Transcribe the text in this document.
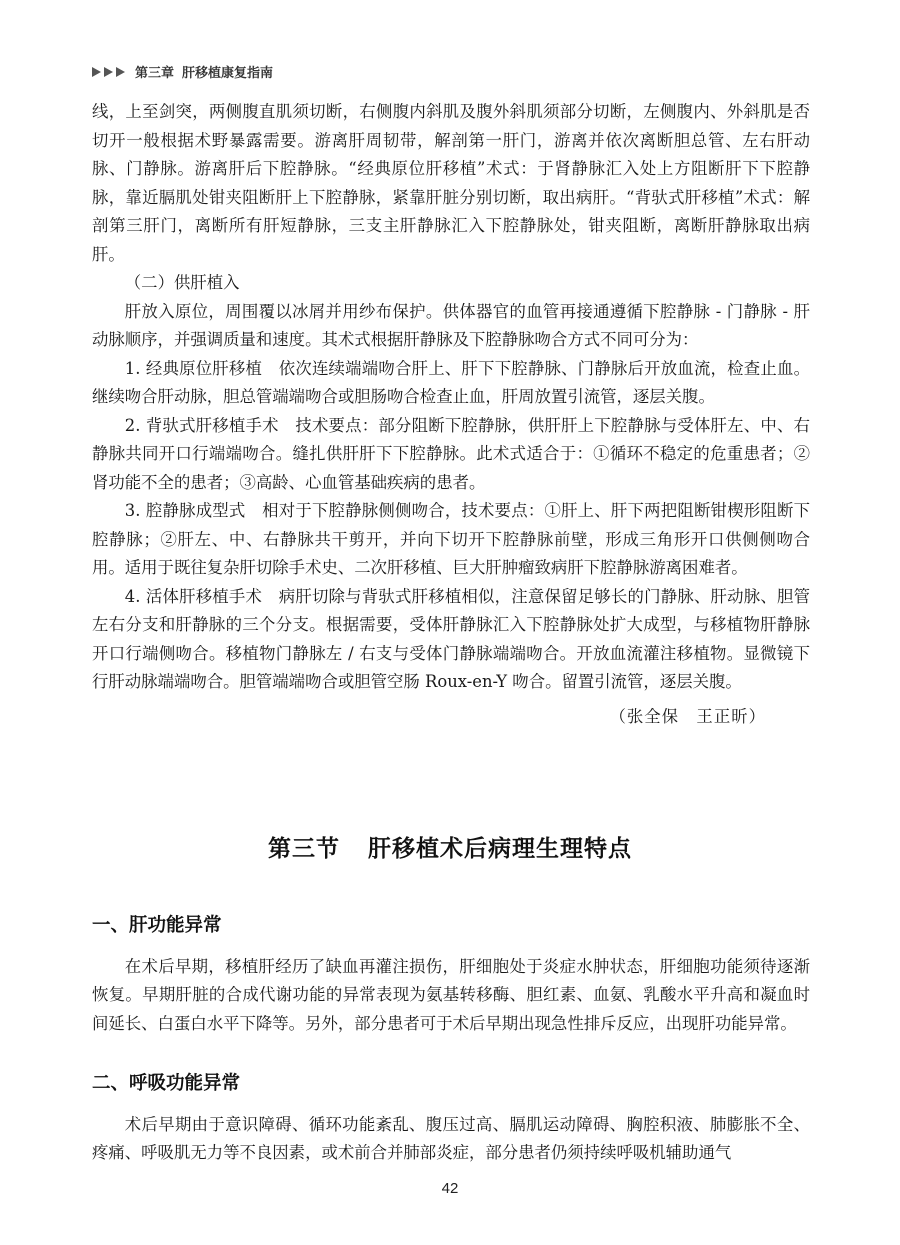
第三章 肝移植康复指南

线，上至剑突，两侧腹直肌须切断，右侧腹内斜肌及腹外斜肌须部分切断，左侧腹内、外斜肌是否切开一般根据术野暴露需要。游离肝周韧带，解剖第一肝门，游离并依次离断胆总管、左右肝动脉、门静脉。游离肝后下腔静脉。“经典原位肝移植”术式：于肾静脉汇入处上方阻断肝下下腔静脉，靠近膈肌处钳夹阻断肝上下腔静脉，紧靠肝脏分别切断，取出病肝。“背驮式肝移植”术式：解剖第三肝门，离断所有肝短静脉，三支主肝静脉汇入下腔静脉处，钳夹阻断，离断肝静脉取出病肝。

（二）供肝植入

肝放入原位，周围覆以冰屑并用纱布保护。供体器官的血管再接通遵循下腔静脉 - 门静脉 - 肝动脉顺序，并强调质量和速度。其术式根据肝静脉及下腔静脉吻合方式不同可分为：

1. 经典原位肝移植　依次连续端端吻合肝上、肝下下腔静脉、门静脉后开放血流，检查止血。继续吻合肝动脉，胆总管端端吻合或胆肠吻合检查止血，肝周放置引流管，逐层关腹。

2. 背驮式肝移植手术　技术要点：部分阻断下腔静脉，供肝肝上下腔静脉与受体肝左、中、右静脉共同开口行端端吻合。缝扎供肝肝下下腔静脉。此术式适合于：①循环不稳定的危重患者；②肾功能不全的患者；③高龄、心血管基础疾病的患者。

3. 腔静脉成型式　相对于下腔静脉侧侧吻合，技术要点：①肝上、肝下两把阻断钳楔形阻断下腔静脉；②肝左、中、右静脉共干剪开，并向下切开下腔静脉前壁，形成三角形开口供侧侧吻合用。适用于既往复杂肝切除手术史、二次肝移植、巨大肝肿瘤致病肝下腔静脉游离困难者。

4. 活体肝移植手术　病肝切除与背驮式肝移植相似，注意保留足够长的门静脉、肝动脉、胆管左右分支和肝静脉的三个分支。根据需要，受体肝静脉汇入下腔静脉处扩大成型，与移植物肝静脉开口行端侧吻合。移植物门静脉左 / 右支与受体门静脉端端吻合。开放血流灌注移植物。显微镜下行肝动脉端端吻合。胆管端端吻合或胆管空肠 Roux-en-Y 吻合。留置引流管，逐层关腹。

（张全保　王正昕）

第三节 肝移植术后病理生理特点

一、肝功能异常

在术后早期，移植肝经历了缺血再灌注损伤，肝细胞处于炎症水肿状态，肝细胞功能须待逐渐恢复。早期肝脏的合成代谢功能的异常表现为氨基转移酶、胆红素、血氨、乳酸水平升高和凝血时间延长、白蛋白水平下降等。另外，部分患者可于术后早期出现急性排斥反应，出现肝功能异常。

二、呼吸功能异常

术后早期由于意识障碍、循环功能紊乱、腹压过高、膈肌运动障碍、胸腔积液、肺膨胀不全、疼痛、呼吸肌无力等不良因素，或术前合并肺部炎症，部分患者仍须持续呼吸机辅助通气

42
